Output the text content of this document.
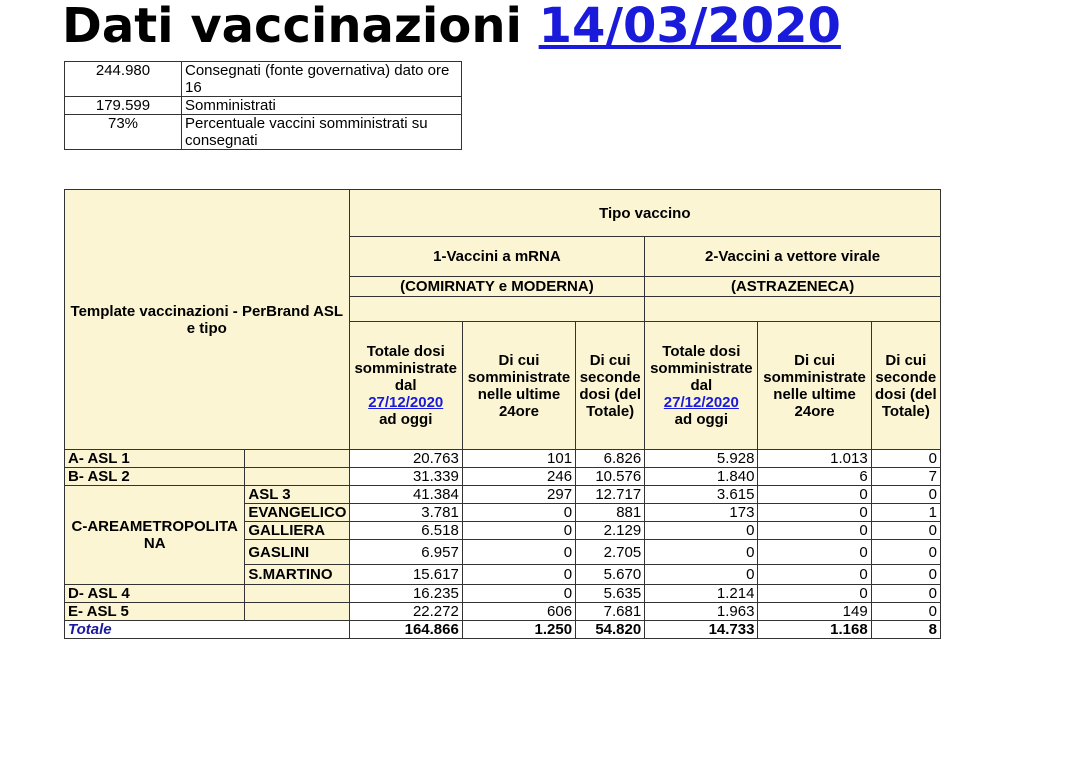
Dati vaccinazioni 14/03/2020
244.980	Consegnati (fonte governativa) dato ore 16
179.599	Somministrati
73%	Percentuale vaccini somministrati su consegnati
Template vaccinazioni - PerBrand ASL e tipo		Tipo vaccino					
		1-Vaccini a mRNA			2-Vaccini a vettore virale		
		(COMIRNATY e MODERNA)			(ASTRAZENECA)		

		Totale dosi somministrate dal
27/12/2020
ad oggi	Di cui somministrate nelle ultime 24ore	Di cui seconde dosi (del Totale)	Totale dosi somministrate dal
27/12/2020
ad oggi	Di cui somministrate nelle ultime 24ore	Di cui seconde dosi (del Totale)
A- ASL 1		20.763	101	6.826	5.928	1.013	0
B- ASL 2		31.339	246	10.576	1.840	6	7
C-AREAMETROPOLITANA	ASL 3	41.384	297	12.717	3.615	0	0
	EVANGELICO	3.781	0	881	173	0	1
	GALLIERA	6.518	0	2.129	0	0	0
	GASLINI	6.957	0	2.705	0	0	0
	S.MARTINO	15.617	0	5.670	0	0	0
D- ASL 4		16.235	0	5.635	1.214	0	0
E- ASL 5		22.272	606	7.681	1.963	149	0
Totale		164.866	1.250	54.820	14.733	1.168	8
